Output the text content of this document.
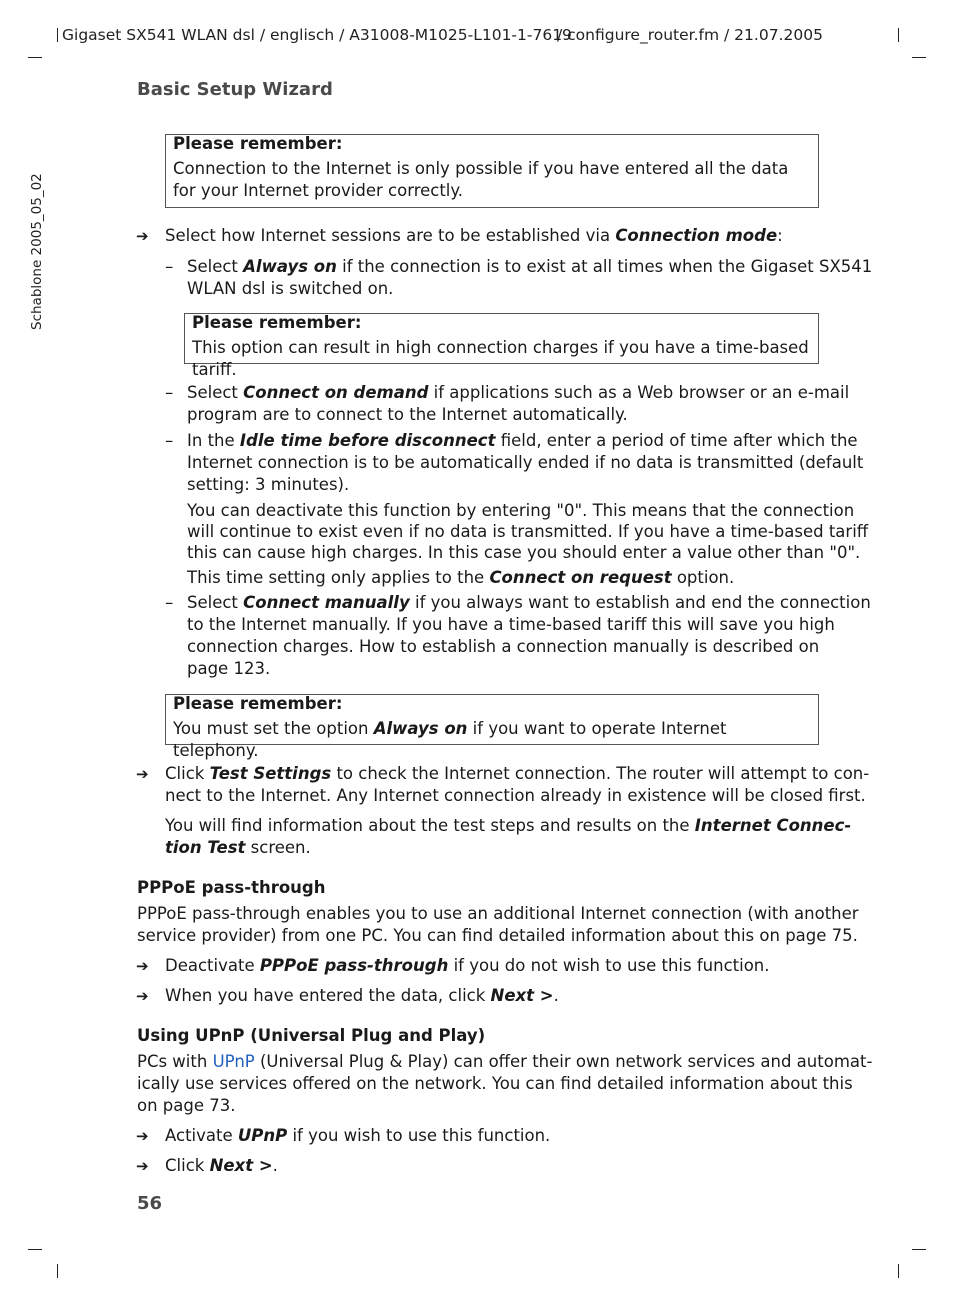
Gigaset SX541 WLAN dsl / englisch / A31008-M1025-L101-1-7619
/ configure_router.fm / 21.07.2005
Schablone 2005_05_02
Basic Setup Wizard
Please remember:
Connection to the Internet is only possible if you have entered all the data
for your Internet provider correctly.
➔ Select how Internet sessions are to be established via Connection mode:
– Select Always on if the connection is to exist at all times when the Gigaset SX541
WLAN dsl is switched on.
Please remember:
This option can result in high connection charges if you have a time-based tariff.
– Select Connect on demand if applications such as a Web browser or an e-mail
program are to connect to the Internet automatically.
– In the Idle time before disconnect field, enter a period of time after which the
Internet connection is to be automatically ended if no data is transmitted (default
setting: 3 minutes).
You can deactivate this function by entering "0". This means that the connection
will continue to exist even if no data is transmitted. If you have a time-based tariff
this can cause high charges. In this case you should enter a value other than "0".
This time setting only applies to the Connect on request option.
– Select Connect manually if you always want to establish and end the connection
to the Internet manually. If you have a time-based tariff this will save you high
connection charges. How to establish a connection manually is described on
page 123.
Please remember:
You must set the option Always on if you want to operate Internet telephony.
➔ Click Test Settings to check the Internet connection. The router will attempt to con-
nect to the Internet. Any Internet connection already in existence will be closed first.
You will find information about the test steps and results on the Internet Connec-
tion Test screen.
PPPoE pass-through
PPPoE pass-through enables you to use an additional Internet connection (with another
service provider) from one PC. You can find detailed information about this on page 75.
➔ Deactivate PPPoE pass-through if you do not wish to use this function.
➔ When you have entered the data, click Next >.
Using UPnP (Universal Plug and Play)
PCs with UPnP (Universal Plug & Play) can offer their own network services and automat-
ically use services offered on the network. You can find detailed information about this
on page 73.
➔ Activate UPnP if you wish to use this function.
➔ Click Next >.
56
